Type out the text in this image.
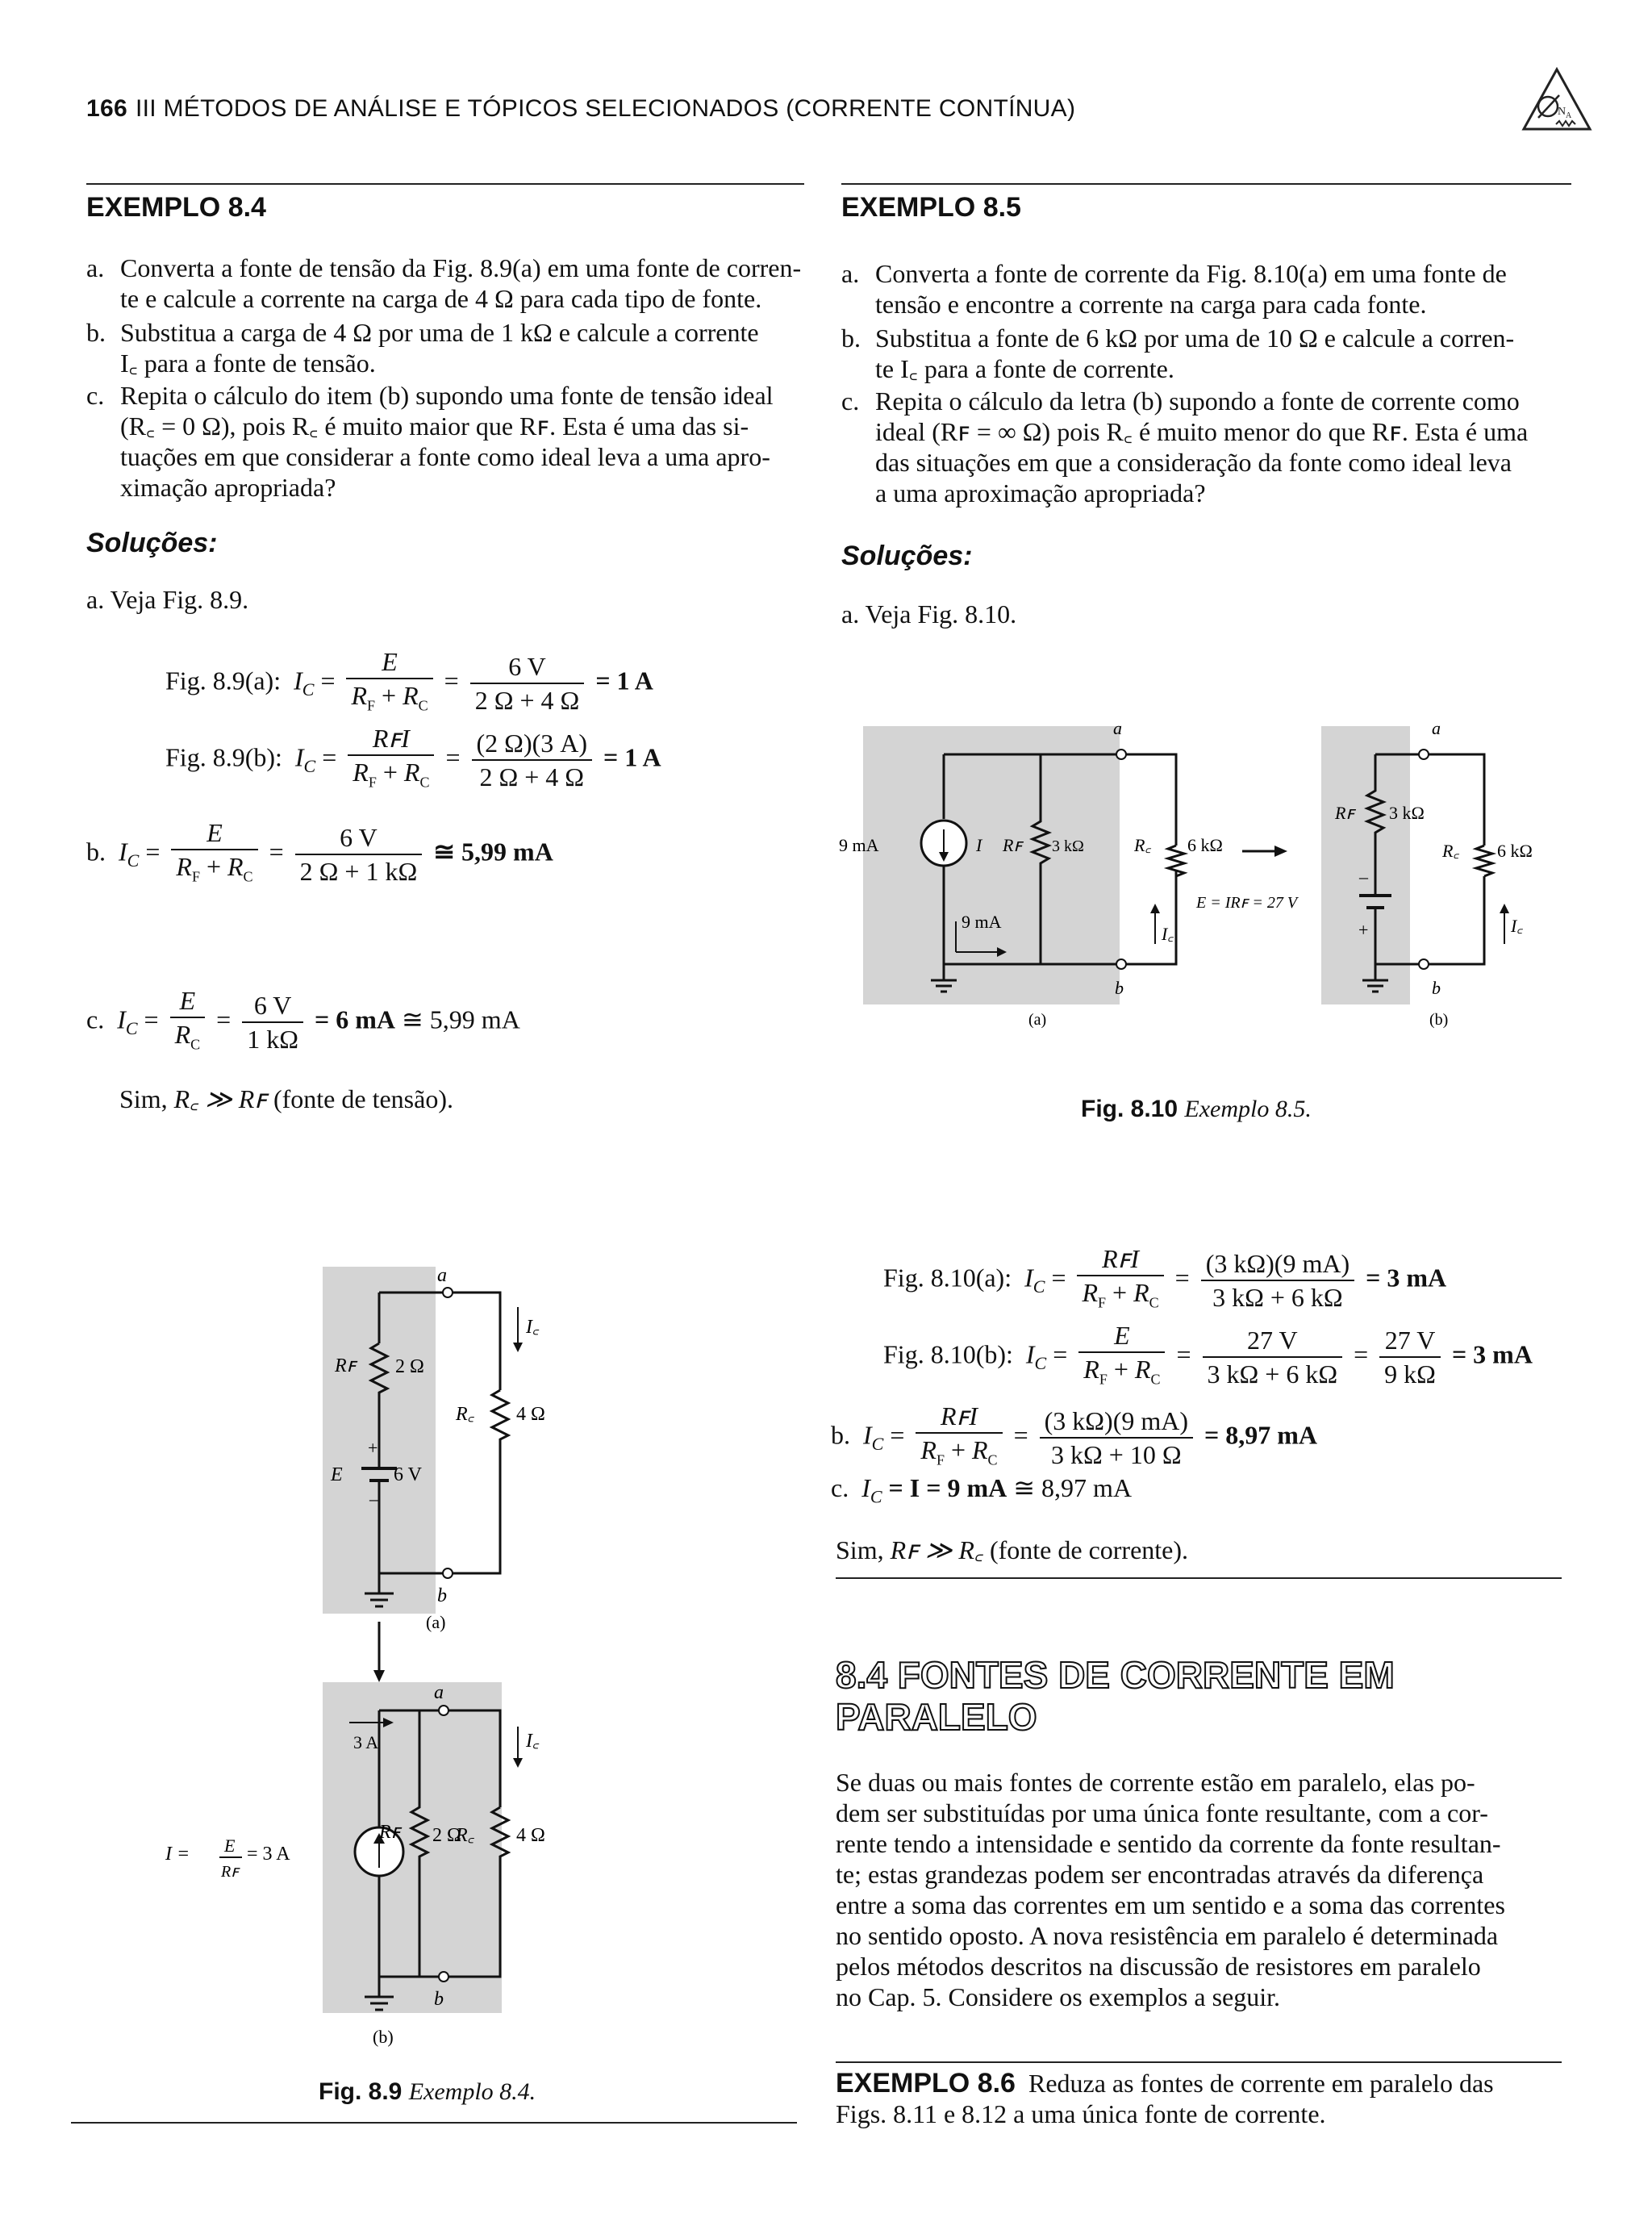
166 III MÉTODOS DE ANÁLISE E TÓPICOS SELECIONADOS (CORRENTE CONTÍNUA)	N A
EXEMPLO 8.4
a. Converta a fonte de tensão da Fig. 8.9(a) em uma fonte de corren-
te e calcule a corrente na carga de 4 Ω para cada tipo de fonte.
b. Substitua a carga de 4 Ω por uma de 1 kΩ e calcule a corrente
I꜀ para a fonte de tensão.
c. Repita o cálculo do item (b) supondo uma fonte de tensão ideal
(R꜀ = 0 Ω), pois R꜀ é muito maior que Rꜰ. Esta é uma das si-
tuações em que considerar a fonte como ideal leva a uma apro-
ximação apropriada?
Soluções:
a. Veja Fig. 8.9.
Fig. 8.9(a): $I_C = \frac{E}{R_F + R_C} = \frac{6 V}{2 \Omega + 4 \Omega} = 1$ A
Fig. 8.9(b): $I_C = \frac{\text{RꜰI}}{R_F + R_C} = \frac{(2 \Omega)(3 A)}{2 \Omega + 4 \Omega} = 1$ A
b. $I_C = \frac{E}{R_F + R_C} = \frac{6 V}{2 \Omega + 1 k\Omega}$ ≅ 5,99 mA
c. $I_C = \frac{E}{R_C} = \frac{6 V}{1 k\Omega} = 6$ mA ≅ 5,99 mA
Sim, R꜀ ≫ Rꜰ (fonte de tensão).
Rꜰ 2 Ω
+
–
E	6 V
R꜀ 4 Ω
I꜀
a
b
(a)
Rꜰ 2 Ω
R꜀ 4 Ω
I꜀
3 A
I = E
Rꜰ
= 3 A
a
b
(b)
Fig. 8.9 Exemplo 8.4.
EXEMPLO 8.5
a. Converta a fonte de corrente da Fig. 8.10(a) em uma fonte de
tensão e encontre a corrente na carga para cada fonte.
b. Substitua a fonte de 6 kΩ por uma de 10 Ω e calcule a corren-
te I꜀ para a fonte de corrente.
c. Repita o cálculo da letra (b) supondo a fonte de corrente como
ideal (Rꜰ = ∞ Ω) pois R꜀ é muito menor do que Rꜰ. Esta é uma
das situações em que a consideração da fonte como ideal leva
a uma aproximação apropriada?
Soluções:
a. Veja Fig. 8.10.
9 mA	I Rꜰ 3 kΩ	R꜀ 6 kΩ
I꜀
9 mA
a
b
(a)
Rꜰ 3 kΩ
–
+
E = IRꜰ = 27 V
R꜀ 6 kΩ
I꜀
a
b
(b)
Fig. 8.10 Exemplo 8.5.
Fig. 8.10(a): $I_C = \frac{\text{RꜰI}}{R_F + R_C} = \frac{(3 k\Omega)(9 mA)}{3 k\Omega + 6 k\Omega} = 3$ mA
Fig. 8.10(b): $I_C = \frac{E}{R_F + R_C} = \frac{27 V}{3 k\Omega + 6 k\Omega} = \frac{27 V}{9 k\Omega} = 3$ mA
b. $I_C = \frac{\text{RꜰI}}{R_F + R_C} = \frac{(3 k\Omega)(9 mA)}{3 k\Omega + 10 \Omega} = 8,97$ mA
c. $I_C = I = 9$ mA ≅ 8,97 mA
Sim, Rꜰ ≫ R꜀ (fonte de corrente).
8.4 FONTES DE CORRENTE EM
PARALELO
Se duas ou mais fontes de corrente estão em paralelo, elas po-
dem ser substituídas por uma única fonte resultante, com a cor-
rente tendo a intensidade e sentido da corrente da fonte resultan-
te; estas grandezas podem ser encontradas através da diferença
entre a soma das correntes em um sentido e a soma das correntes
no sentido oposto. A nova resistência em paralelo é determinada
pelos métodos descritos na discussão de resistores em paralelo
no Cap. 5. Considere os exemplos a seguir.
EXEMPLO 8.6 Reduza as fontes de corrente em paralelo das
Figs. 8.11 e 8.12 a uma única fonte de corrente.
